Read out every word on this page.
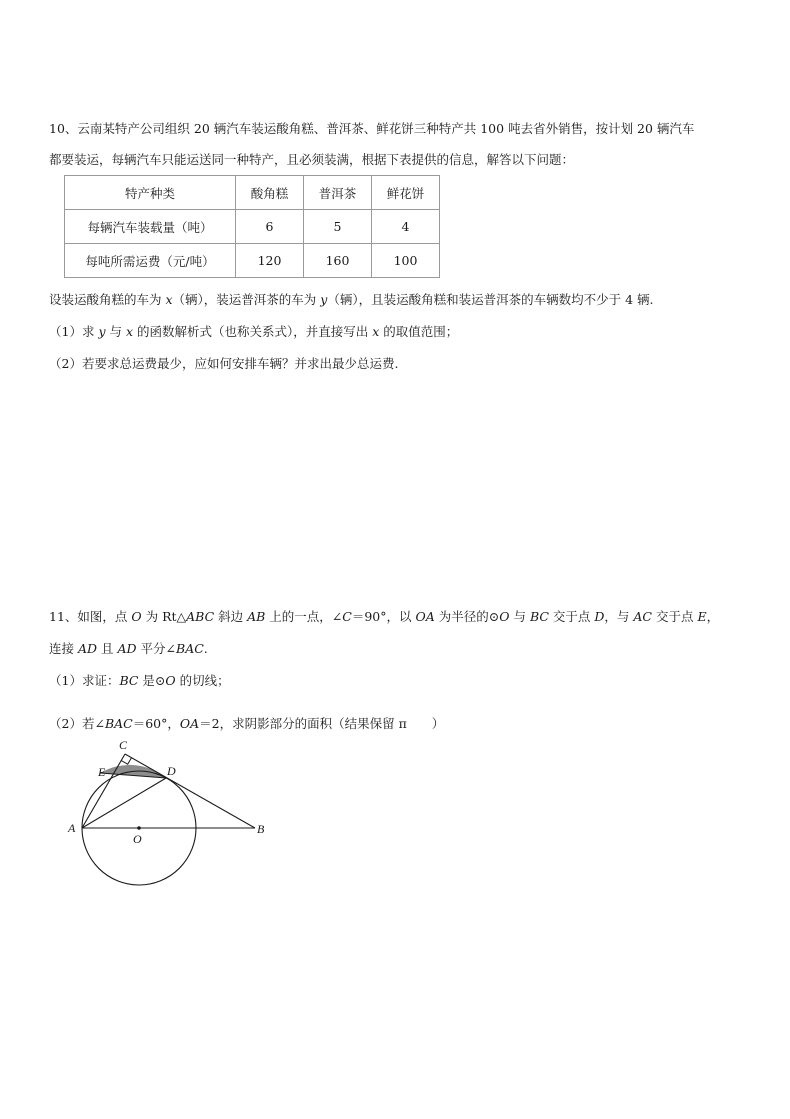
10、云南某特产公司组织 20 辆汽车装运酸角糕、普洱茶、鲜花饼三种特产共 100 吨去省外销售，按计划 20 辆汽车
都要装运，每辆汽车只能运送同一种特产，且必须装满，根据下表提供的信息，解答以下问题：
特产种类	酸角糕	普洱茶	鲜花饼
每辆汽车装载量（吨）	6	5	4
每吨所需运费（元/吨）	120	160	100
设装运酸角糕的车为 x（辆），装运普洱茶的车为 y（辆），且装运酸角糕和装运普洱茶的车辆数均不少于 4 辆.
（1）求 y 与 x 的函数解析式（也称关系式），并直接写出 x 的取值范围；
（2）若要求总运费最少，应如何安排车辆？并求出最少总运费.
11、如图，点 O 为 Rt△ABC 斜边 AB 上的一点，∠C＝90°，以 OA 为半径的⊙O 与 BC 交于点 D，与 AC 交于点 E，
连接 AD 且 AD 平分∠BAC.
（1）求证：BC 是⊙O 的切线；
（2）若∠BAC＝60°，OA＝2，求阴影部分的面积（结果保留 π　　）
A	B
C
D
E
O
